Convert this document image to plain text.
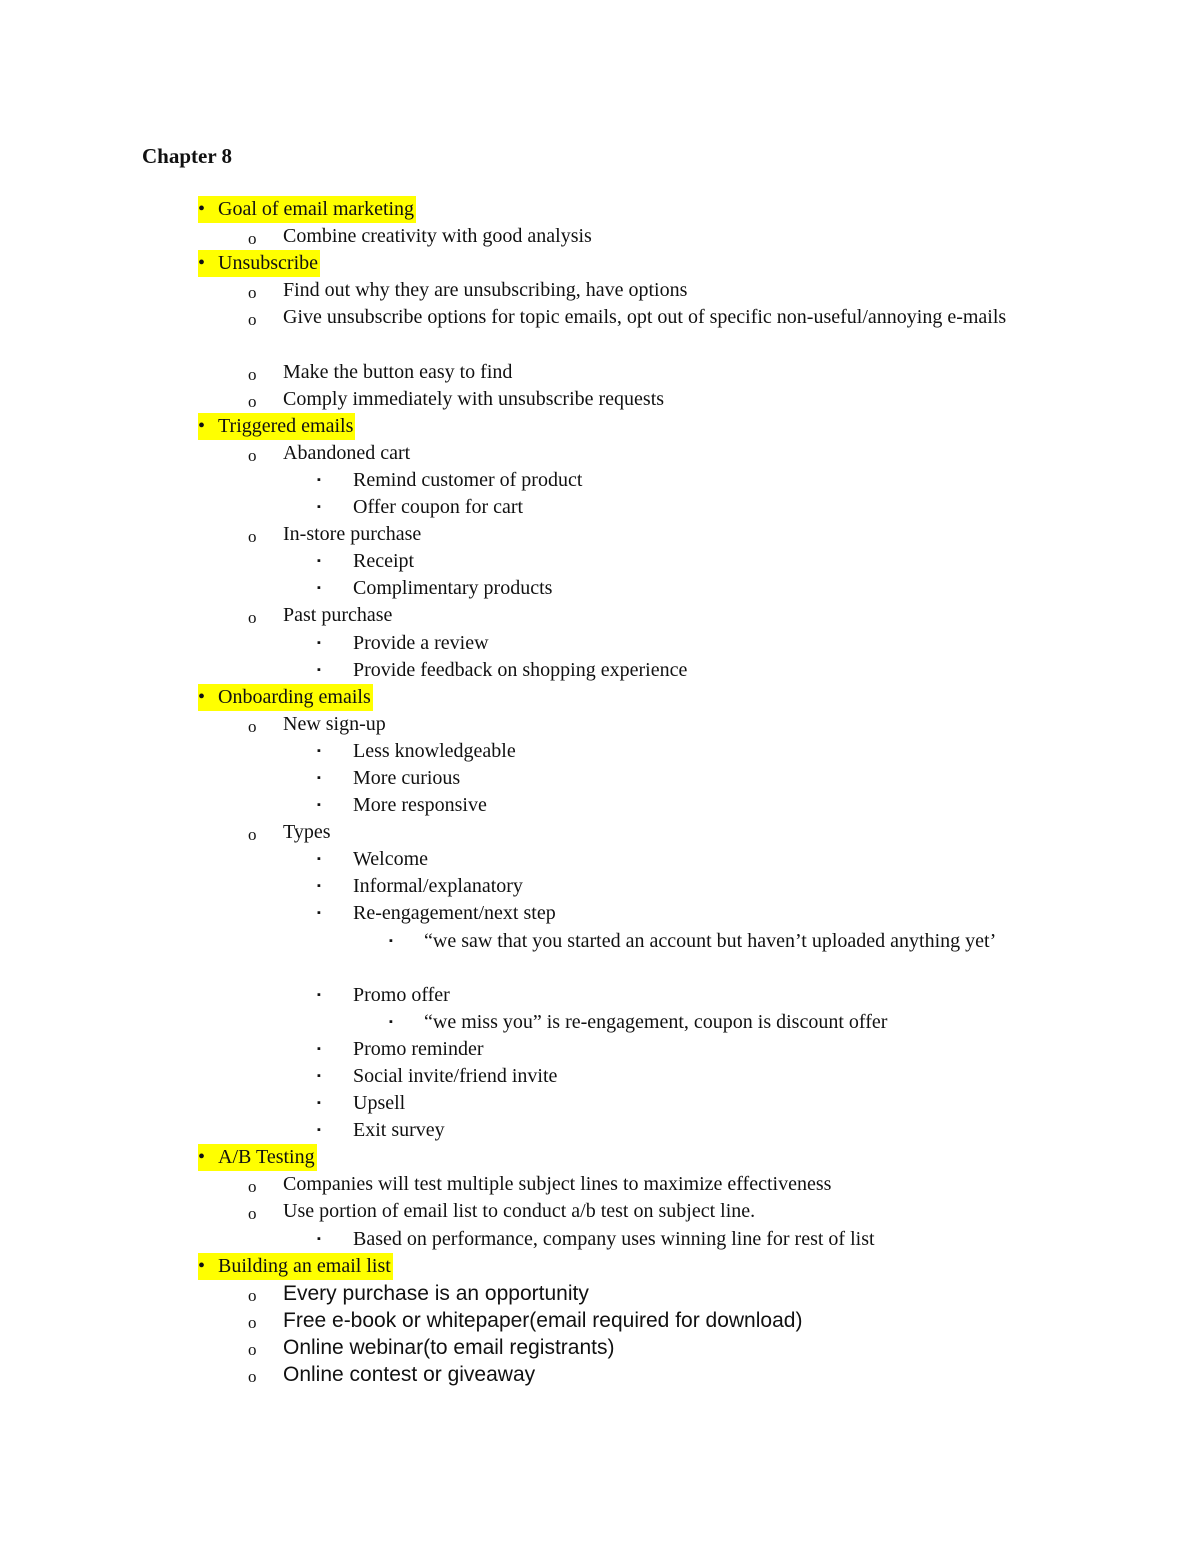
Chapter 8
• Goal of email marketing
o Combine creativity with good analysis
• Unsubscribe
o Find out why they are unsubscribing, have options
o Give unsubscribe options for topic emails, opt out of specific non-useful/annoying e-mails
o Make the button easy to find
o Comply immediately with unsubscribe requests
• Triggered emails
o Abandoned cart
▪ Remind customer of product
▪ Offer coupon for cart
o In-store purchase
▪ Receipt
▪ Complimentary products
o Past purchase
▪ Provide a review
▪ Provide feedback on shopping experience
• Onboarding emails
o New sign-up
▪ Less knowledgeable
▪ More curious
▪ More responsive
o Types
▪ Welcome
▪ Informal/explanatory
▪ Re-engagement/next step
▪ “we saw that you started an account but haven’t uploaded anything yet’
▪ Promo offer
▪ “we miss you” is re-engagement, coupon is discount offer
▪ Promo reminder
▪ Social invite/friend invite
▪ Upsell
▪ Exit survey
• A/B Testing
o Companies will test multiple subject lines to maximize effectiveness
o Use portion of email list to conduct a/b test on subject line.
▪ Based on performance, company uses winning line for rest of list
• Building an email list
o Every purchase is an opportunity
o Free e-book or whitepaper(email required for download)
o Online webinar(to email registrants)
o Online contest or giveaway
